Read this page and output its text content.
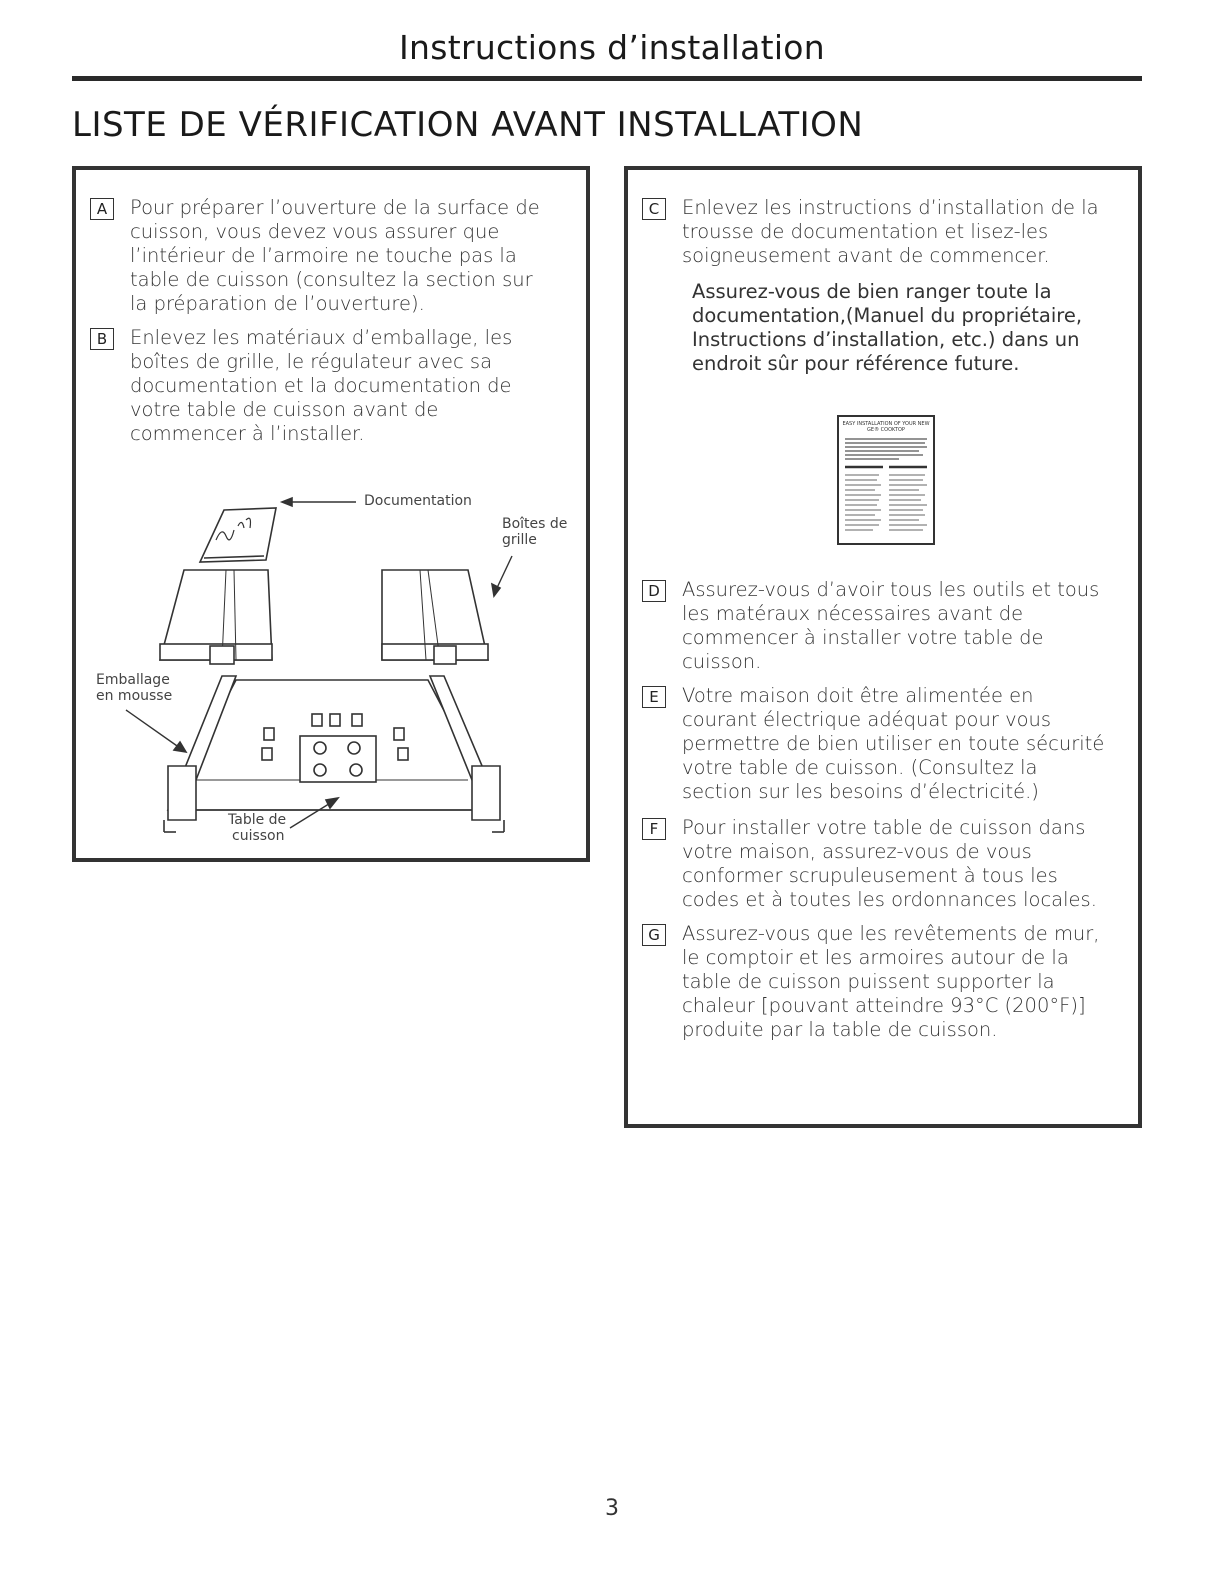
Instructions d’installation
LISTE DE VÉRIFICATION AVANT INSTALLATION
A	Pour préparer l’ouverture de la surface de cuisson, vous devez vous assurer que l’intérieur de l’armoire ne touche pas la table de cuisson (consultez la section sur la préparation de l’ouverture).
B	Enlevez les matériaux d’emballage, les boîtes de grille, le régulateur avec sa documentation et la documentation de votre table de cuisson avant de commencer à l’installer.
Documentation
Boîtes de
grille
Emballage
en mousse
Table de
cuisson
C	Enlevez les instructions d’installation de la trousse de documentation et lisez-les soigneusement avant de commencer.
Assurez-vous de bien ranger toute la documentation,(Manuel du propriétaire, Instructions d’installation, etc.) dans un endroit sûr pour référence future.
EASY INSTALLATION OF YOUR NEW GE® COOKTOP
D	Assurez-vous d’avoir tous les outils et tous les matéraux nécessaires avant de commencer à installer votre table de cuisson.
E	Votre maison doit être alimentée en courant électrique adéquat pour vous permettre de bien utiliser en toute sécurité votre table de cuisson. (Consultez la section sur les besoins d’électricité.)
F	Pour installer votre table de cuisson dans votre maison, assurez-vous de vous conformer scrupuleusement à tous les codes et à toutes les ordonnances locales.
G	Assurez-vous que les revêtements de mur, le comptoir et les armoires autour de la table de cuisson puissent supporter la chaleur [pouvant atteindre 93°C (200°F)] produite par la table de cuisson.
3
